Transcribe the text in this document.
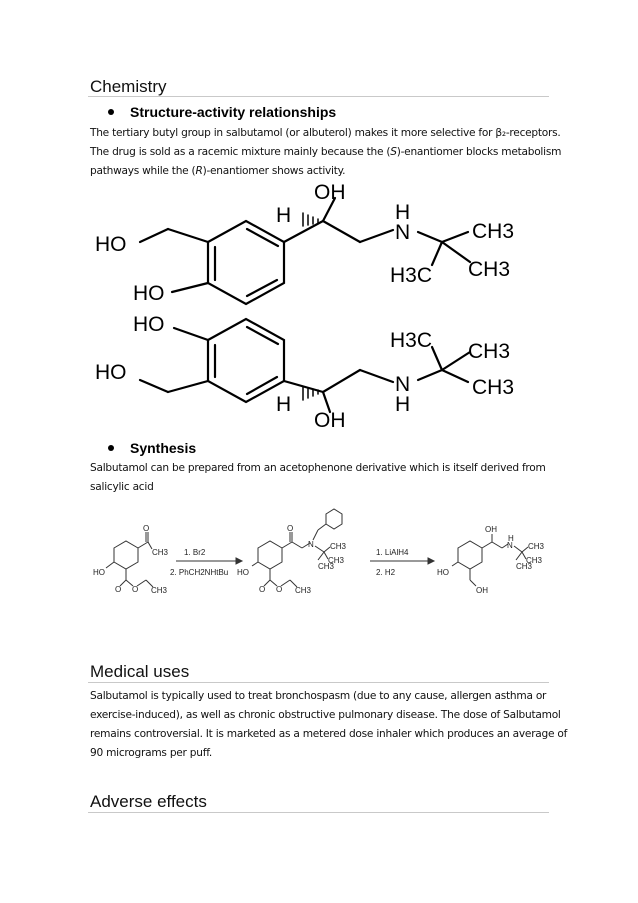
Chemistry
Structure-activity relationships
The tertiary butyl group in salbutamol (or albuterol) makes it more selective for β₂-receptors.
The drug is sold as a racemic mixture mainly because the (S)-enantiomer blocks metabolism
pathways while the (R)-enantiomer shows activity.
OH
H	H
N	CH3
CH3
H3C
HO
HO
HO
HO
H3C CH3
CH3
N
H
H
OH
Synthesis
Salbutamol can be prepared from an acetophenone derivative which is itself derived from
salicylic acid
O
CH3
HO
O O CH3
1. Br2
2. PhCH2NHtBu
O
N CH3
CH3
CH3
HO
O O CH3
1. LiAlH4
2. H2
OH
H
N CH3
CH3
CH3
HO
OH
Medical uses
Salbutamol is typically used to treat bronchospasm (due to any cause, allergen asthma or
exercise-induced), as well as chronic obstructive pulmonary disease. The dose of Salbutamol
remains controversial. It is marketed as a metered dose inhaler which produces an average of
90 micrograms per puff.
Adverse effects
